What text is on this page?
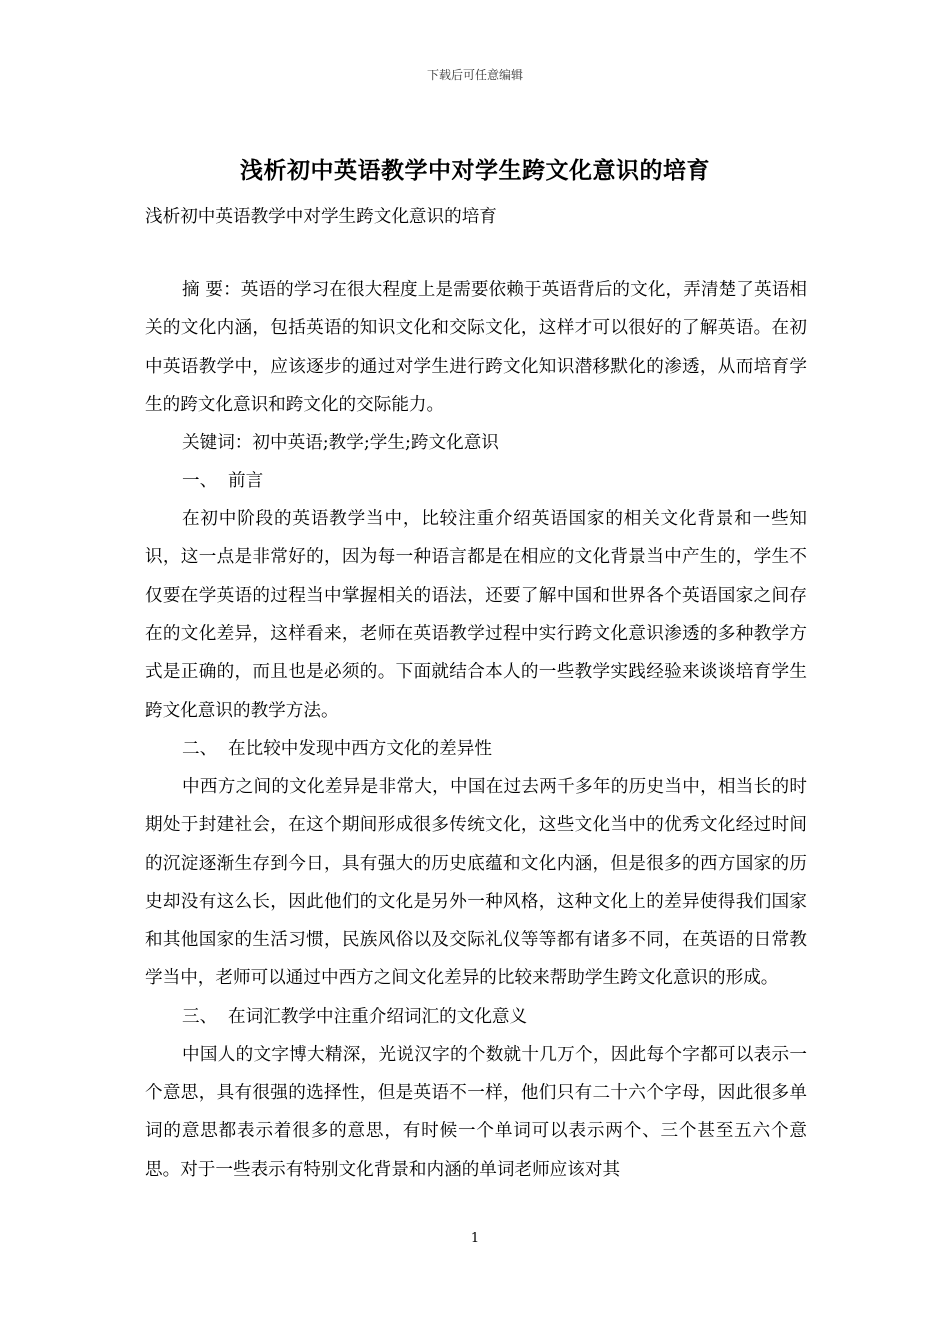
下载后可任意编辑
浅析初中英语教学中对学生跨文化意识的培育
浅析初中英语教学中对学生跨文化意识的培育

摘 要：英语的学习在很大程度上是需要依赖于英语背后的文化，弄清楚了英语相关的文化内涵，包括英语的知识文化和交际文化，这样才可以很好的了解英语。在初中英语教学中，应该逐步的通过对学生进行跨文化知识潜移默化的渗透，从而培育学生的跨文化意识和跨文化的交际能力。

关键词：初中英语;教学;学生;跨文化意识
一、 前言

在初中阶段的英语教学当中，比较注重介绍英语国家的相关文化背景和一些知识，这一点是非常好的，因为每一种语言都是在相应的文化背景当中产生的，学生不仅要在学英语的过程当中掌握相关的语法，还要了解中国和世界各个英语国家之间存在的文化差异，这样看来，老师在英语教学过程中实行跨文化意识渗透的多种教学方式是正确的，而且也是必须的。下面就结合本人的一些教学实践经验来谈谈培育学生跨文化意识的教学方法。

二、 在比较中发现中西方文化的差异性

中西方之间的文化差异是非常大，中国在过去两千多年的历史当中，相当长的时期处于封建社会，在这个期间形成很多传统文化，这些文化当中的优秀文化经过时间的沉淀逐渐生存到今日，具有强大的历史底蕴和文化内涵，但是很多的西方国家的历史却没有这么长，因此他们的文化是另外一种风格，这种文化上的差异使得我们国家和其他国家的生活习惯，民族风俗以及交际礼仪等等都有诸多不同，在英语的日常教学当中，老师可以通过中西方之间文化差异的比较来帮助学生跨文化意识的形成。

三、 在词汇教学中注重介绍词汇的文化意义

中国人的文字博大精深，光说汉字的个数就十几万个，因此每个字都可以表示一个意思，具有很强的选择性，但是英语不一样，他们只有二十六个字母，因此很多单词的意思都表示着很多的意思，有时候一个单词可以表示两个、三个甚至五六个意思。对于一些表示有特别文化背景和内涵的单词老师应该对其

1
